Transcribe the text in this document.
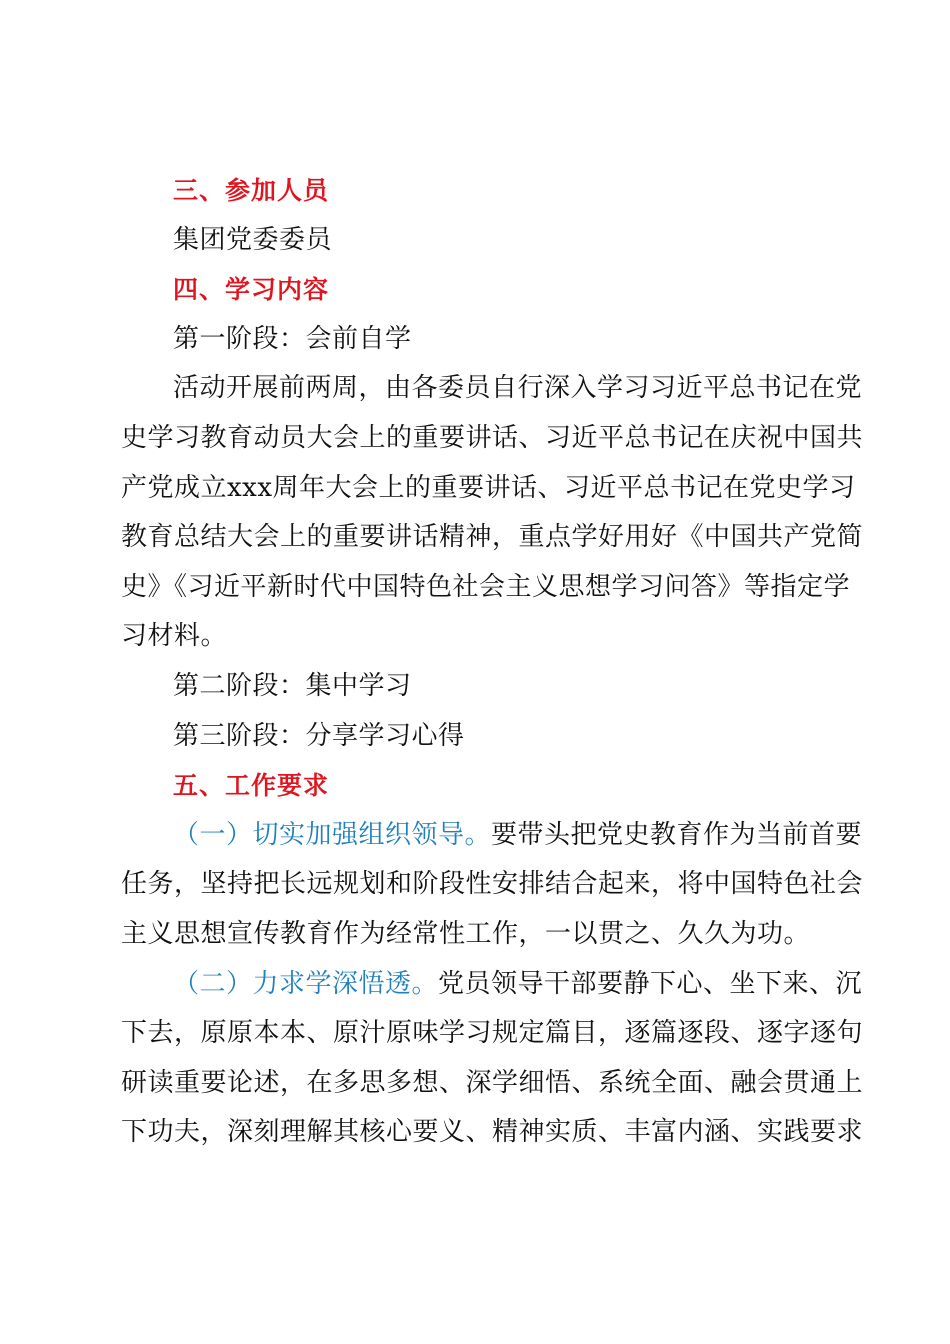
三、参加人员
集团党委委员
四、学习内容
第一阶段：会前自学
活动开展前两周，由各委员自行深入学习习近平总书记在党
史学习教育动员大会上的重要讲话、习近平总书记在庆祝中国共
产党成立xxx周年大会上的重要讲话、习近平总书记在党史学习
教育总结大会上的重要讲话精神，重点学好用好《中国共产党简
史》《习近平新时代中国特色社会主义思想学习问答》等指定学
习材料。
第二阶段：集中学习
第三阶段：分享学习心得
五、工作要求
（一）切实加强组织领导。要带头把党史教育作为当前首要
任务，坚持把长远规划和阶段性安排结合起来，将中国特色社会
主义思想宣传教育作为经常性工作，一以贯之、久久为功。
（二）力求学深悟透。党员领导干部要静下心、坐下来、沉
下去，原原本本、原汁原味学习规定篇目，逐篇逐段、逐字逐句
研读重要论述，在多思多想、深学细悟、系统全面、融会贯通上
下功夫，深刻理解其核心要义、精神实质、丰富内涵、实践要求
